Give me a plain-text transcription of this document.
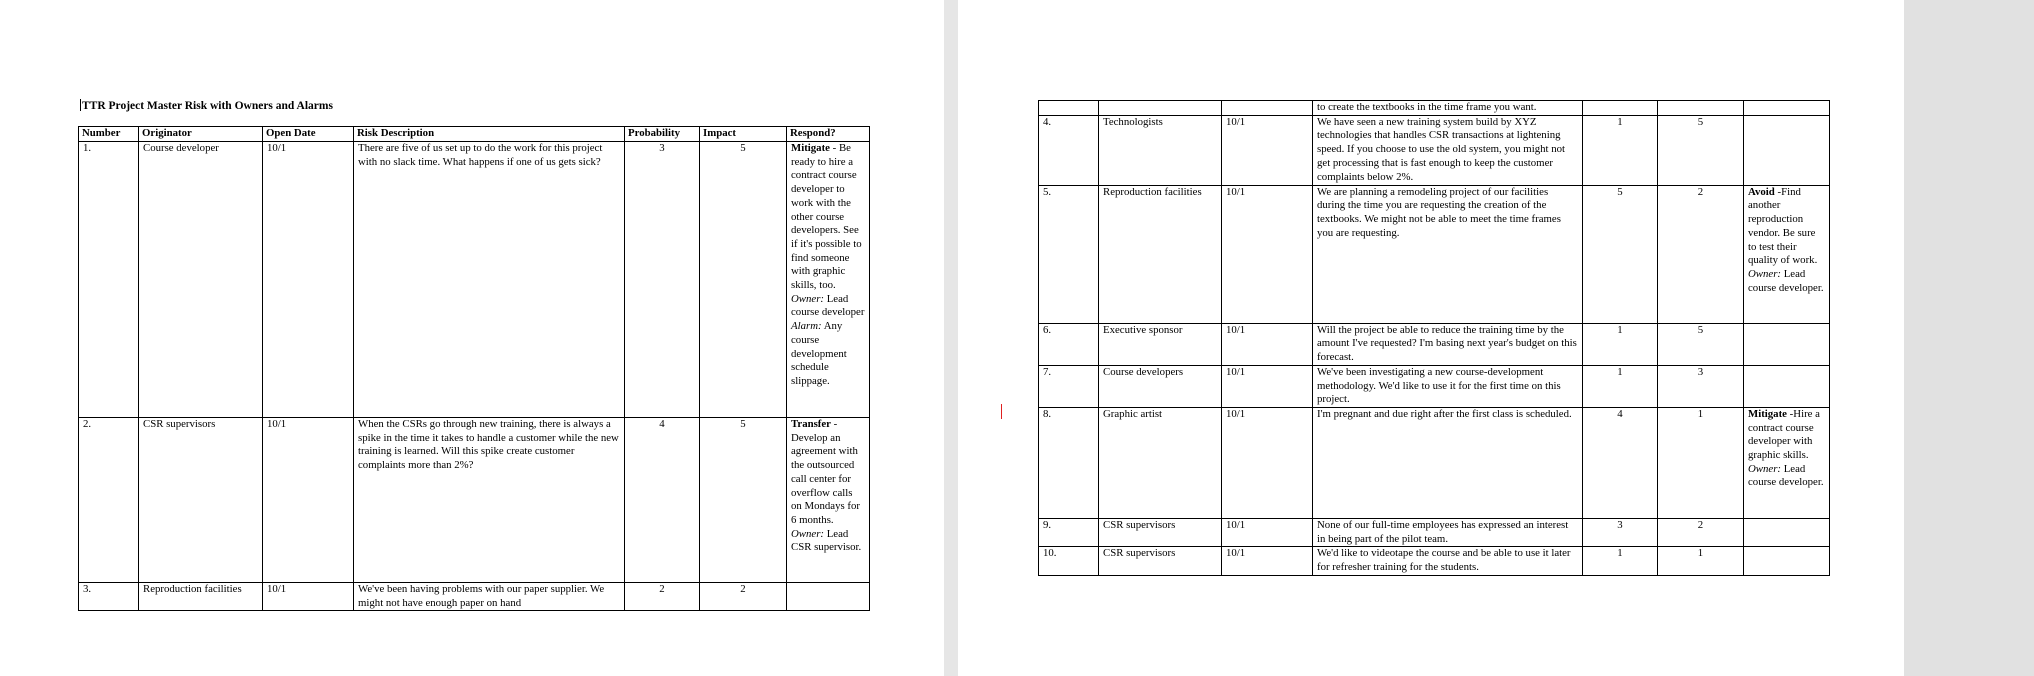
TTR Project Master Risk with Owners and Alarms
Number	Originator	Open Date	Risk Description	Probability	Impact	Respond?
1.	Course developer	10/1	There are five of us set up to do the work for this project with no slack time. What happens if one of us gets sick?	3	5	Mitigate - Be ready to hire a contract course developer to work with the other course developers. See if it's possible to find someone with graphic skills, too. Owner: Lead course developer Alarm: Any course development schedule slippage.
2.	CSR supervisors	10/1	When the CSRs go through new training, there is always a spike in the time it takes to handle a customer while the new training is learned. Will this spike create customer complaints more than 2%?	4	5	Transfer - Develop an agreement with the outsourced call center for overflow calls on Mondays for 6 months. Owner: Lead CSR supervisor.
3.	Reproduction facilities	10/1	We've been having problems with our paper supplier. We might not have enough paper on hand	2	2	
			to create the textbooks in the time frame you want.			
4.	Technologists	10/1	We have seen a new training system build by XYZ technologies that handles CSR transactions at lightening speed. If you choose to use the old system, you might not get processing that is fast enough to keep the customer complaints below 2%.	1	5	
5.	Reproduction facilities	10/1	We are planning a remodeling project of our facilities during the time you are requesting the creation of the textbooks. We might not be able to meet the time frames you are requesting.	5	2	Avoid -Find another reproduction vendor. Be sure to test their quality of work. Owner: Lead course developer.
6.	Executive sponsor	10/1	Will the project be able to reduce the training time by the amount I've requested? I'm basing next year's budget on this forecast.	1	5	
7.	Course developers	10/1	We've been investigating a new course-development methodology. We'd like to use it for the first time on this project.	1	3	
8.	Graphic artist	10/1	I'm pregnant and due right after the first class is scheduled.	4	1	Mitigate -Hire a contract course developer with graphic skills. Owner: Lead course developer.
9.	CSR supervisors	10/1	None of our full-time employees has expressed an interest in being part of the pilot team.	3	2	
10.	CSR supervisors	10/1	We'd like to videotape the course and be able to use it later for refresher training for the students.	1	1	
